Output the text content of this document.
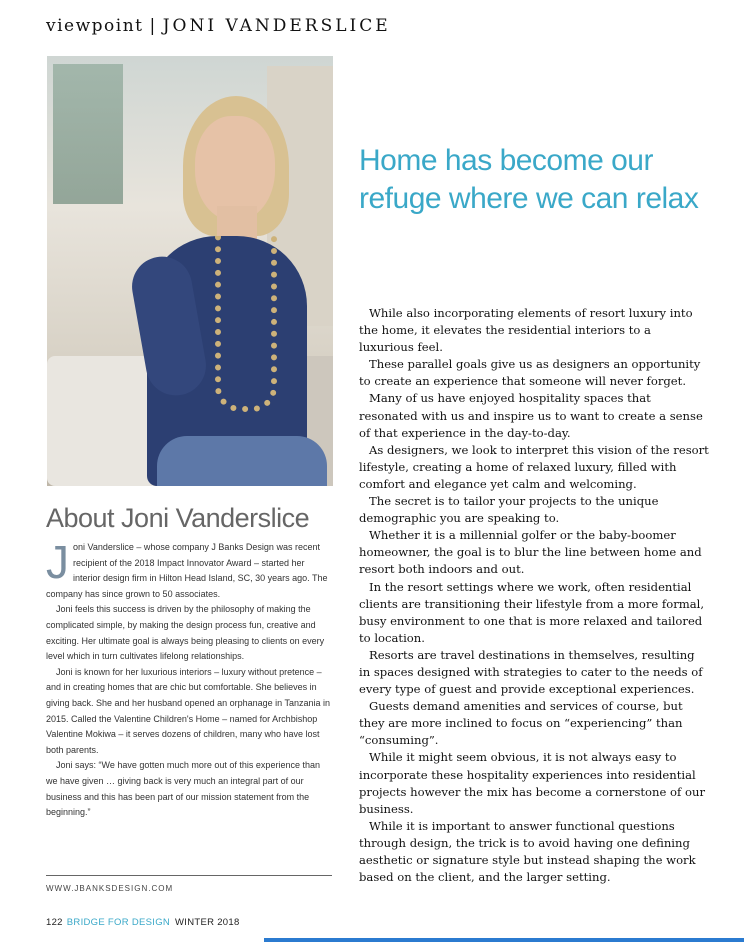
viewpoint | JONI VANDERSLICE
Home has become our refuge where we can relax
About Joni Vanderslice

Joni Vanderslice – whose company J Banks Design was recent recipient of the 2018 Impact Innovator Award – started her interior design firm in Hilton Head Island, SC, 30 years ago. The company has since grown to 50 associates.

Joni feels this success is driven by the philosophy of making the complicated simple, by making the design process fun, creative and exciting. Her ultimate goal is always being pleasing to clients on every level which in turn cultivates lifelong relationships.

Joni is known for her luxurious interiors – luxury without pretence – and in creating homes that are chic but comfortable. She believes in giving back. She and her husband opened an orphanage in Tanzania in 2015. Called the Valentine Children's Home – named for Archbishop Valentine Mokiwa – it serves dozens of children, many who have lost both parents.

Joni says: “We have gotten much more out of this experience than we have given … giving back is very much an integral part of our business and this has been part of our mission statement from the beginning.”

WWW.JBANKSDESIGN.COM

While also incorporating elements of resort luxury into the home, it elevates the residential interiors to a luxurious feel.

These parallel goals give us as designers an opportunity to create an experience that someone will never forget.

Many of us have enjoyed hospitality spaces that resonated with us and inspire us to want to create a sense of that experience in the day-to-day.

As designers, we look to interpret this vision of the resort lifestyle, creating a home of relaxed luxury, filled with comfort and elegance yet calm and welcoming.

The secret is to tailor your projects to the unique demographic you are speaking to.

Whether it is a millennial golfer or the baby-boomer homeowner, the goal is to blur the line between home and resort both indoors and out.

In the resort settings where we work, often residential clients are transitioning their lifestyle from a more formal, busy environment to one that is more relaxed and tailored to location.

Resorts are travel destinations in themselves, resulting in spaces designed with strategies to cater to the needs of every type of guest and provide exceptional experiences.

Guests demand amenities and services of course, but they are more inclined to focus on “experiencing” than “consuming”.

While it might seem obvious, it is not always easy to incorporate these hospitality experiences into residential projects however the mix has become a cornerstone of our business.

While it is important to answer functional questions through design, the trick is to avoid having one defining aesthetic or signature style but instead shaping the work based on the client, and the larger setting.

122 BRIDGE FOR DESIGN WINTER 2018
